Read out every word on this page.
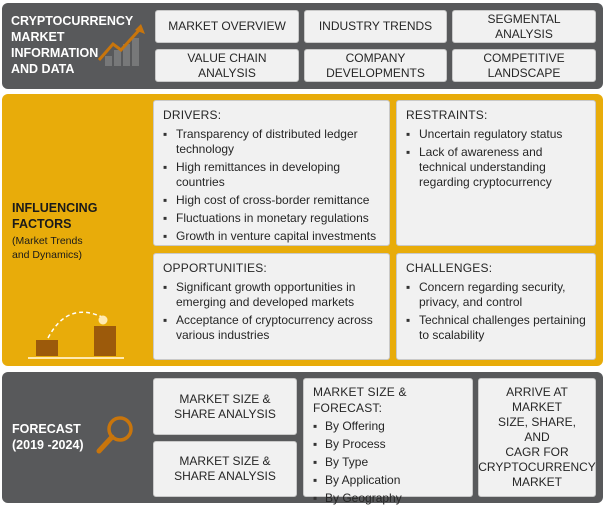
CRYPTOCURRENCY
MARKET
INFORMATION
AND DATA
MARKET OVERVIEW	INDUSTRY TRENDS
SEGMENTAL ANALYSIS
VALUE CHAIN ANALYSIS
COMPANY
DEVELOPMENTS
COMPETITIVE
LANDSCAPE
INFLUENCING
FACTORS
(Market Trends
and Dynamics)
DRIVERS:
▪ Transparency of distributed ledger technology
▪ High remittances in developing countries
▪ High cost of cross-border remittance
▪ Fluctuations in monetary regulations
▪ Growth in venture capital investments
RESTRAINTS:
▪ Uncertain regulatory status
▪ Lack of awareness and technical understanding regarding cryptocurrency
OPPORTUNITIES:
▪ Significant growth opportunities in emerging and developed markets
▪ Acceptance of cryptocurrency across various industries
CHALLENGES:
▪ Concern regarding security, privacy, and control
▪ Technical challenges pertaining to scalability
FORECAST
(2019 -2024)
MARKET SIZE &
SHARE ANALYSIS
MARKET SIZE &
SHARE ANALYSIS
MARKET SIZE & FORECAST:
▪ By Offering
▪ By Process
▪ By Type
▪ By Application
▪ By Geography
ARRIVE AT MARKET
SIZE, SHARE, AND
CAGR FOR
CRYPTOCURRENCY
MARKET
